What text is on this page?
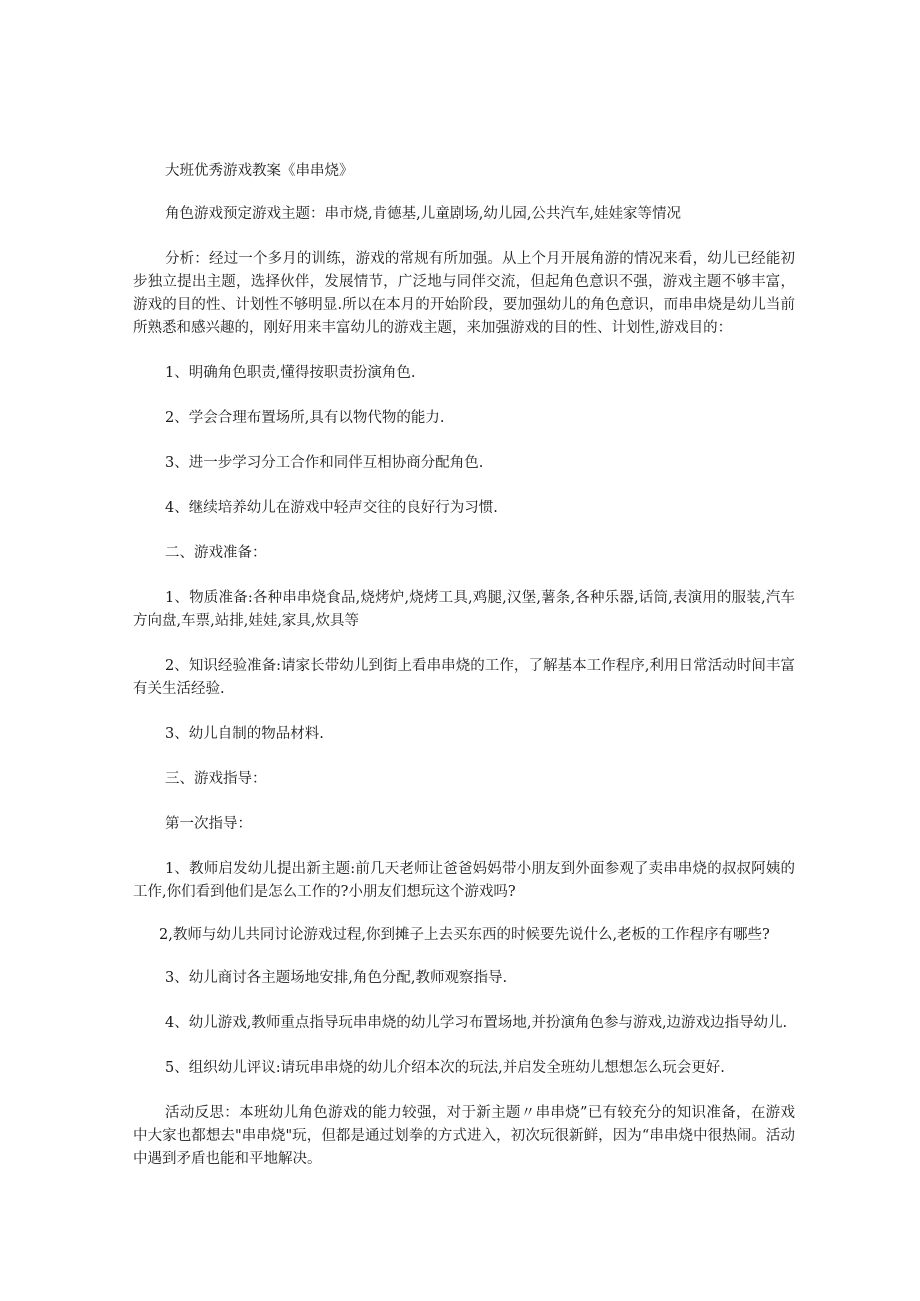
大班优秀游戏教案《串串烧》

角色游戏预定游戏主题：串市烧,肯德基,儿童剧场,幼儿园,公共汽车,娃娃家等情况

分析：经过一个多月的训练，游戏的常规有所加强。从上个月开展角游的情况来看，幼儿已经能初步独立提出主题，选择伙伴，发展情节，广泛地与同伴交流，但起角色意识不强，游戏主题不够丰富，游戏的目的性、计划性不够明显.所以在本月的开始阶段，要加强幼儿的角色意识，而串串烧是幼儿当前所熟悉和感兴趣的，刚好用来丰富幼儿的游戏主题，来加强游戏的目的性、计划性,游戏目的：

1、明确角色职责,懂得按职责扮演角色.

2、学会合理布置场所,具有以物代物的能力.

3、进一步学习分工合作和同伴互相协商分配角色.

4、继续培养幼儿在游戏中轻声交往的良好行为习惯.

二、游戏准备：

1、物质准备:各种串串烧食品,烧烤炉,烧烤工具,鸡腿,汉堡,薯条,各种乐器,话筒,表演用的服装,汽车方向盘,车票,站排,娃娃,家具,炊具等

2、知识经验准备:请家长带幼儿到街上看串串烧的工作，了解基本工作程序,利用日常活动时间丰富有关生活经验.

3、幼儿自制的物品材料.

三、游戏指导：

第一次指导：

1、教师启发幼儿提出新主题:前几天老师让爸爸妈妈带小朋友到外面参观了卖串串烧的叔叔阿姨的工作,你们看到他们是怎么工作的?小朋友们想玩这个游戏吗?

2,教师与幼儿共同讨论游戏过程,你到摊子上去买东西的时候要先说什么,老板的工作程序有哪些?

3、幼儿商讨各主题场地安排,角色分配,教师观察指导.

4、幼儿游戏,教师重点指导玩串串烧的幼儿学习布置场地,并扮演角色参与游戏,边游戏边指导幼儿.

5、组织幼儿评议:请玩串串烧的幼儿介绍本次的玩法,并启发全班幼儿想想怎么玩会更好.

活动反思：本班幼儿角色游戏的能力较强，对于新主题〃串串烧”已有较充分的知识准备，在游戏中大家也都想去"串串烧"玩，但都是通过划拳的方式进入，初次玩很新鲜，因为“串串烧中很热闹。活动中遇到矛盾也能和平地解决。
